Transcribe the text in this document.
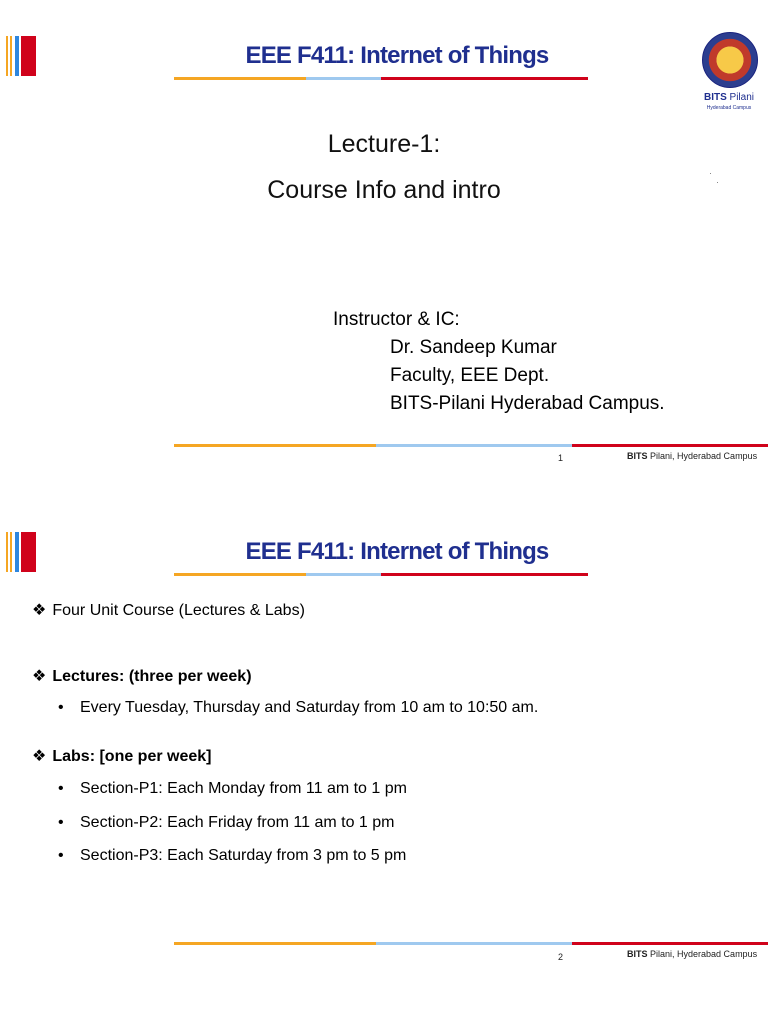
EEE F411: Internet of Things
BITS Pilani
Hyderabad Campus
Lecture-1:
Course Info and intro
Instructor & IC:
Dr. Sandeep Kumar
Faculty, EEE Dept.
BITS-Pilani Hyderabad Campus.
1	BITS Pilani, Hyderabad Campus
EEE F411: Internet of Things
❖ Four Unit Course (Lectures & Labs)
❖ Lectures: (three per week)
• Every Tuesday, Thursday and Saturday from 10 am to 10:50 am.
❖ Labs: [one per week]
• Section-P1: Each Monday from 11 am to 1 pm
• Section-P2: Each Friday from 11 am to 1 pm
• Section-P3: Each Saturday from 3 pm to 5 pm
2	BITS Pilani, Hyderabad Campus
